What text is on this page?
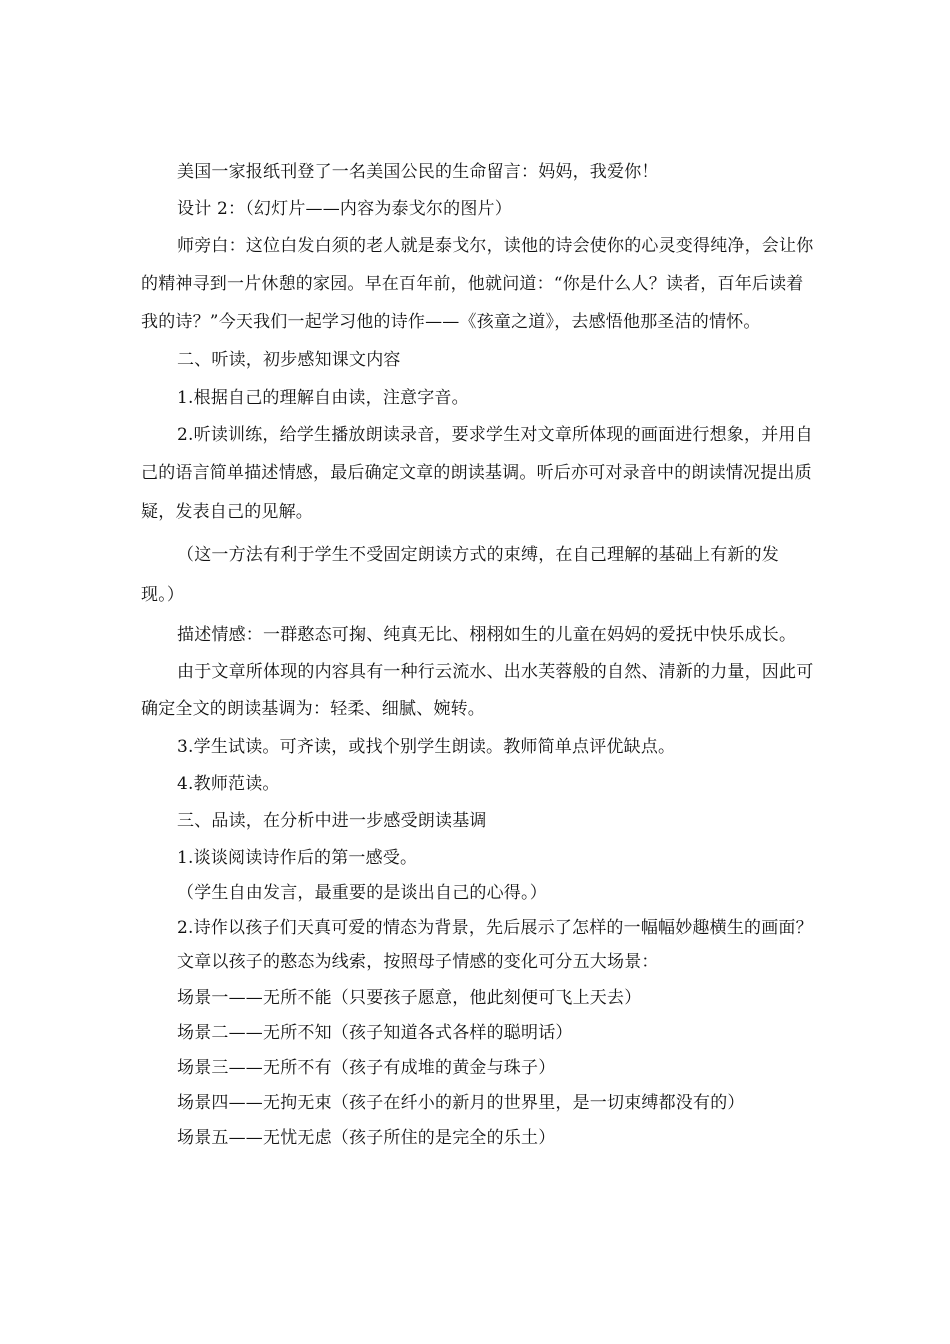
美国一家报纸刊登了一名美国公民的生命留言：妈妈，我爱你！
设计 2：（幻灯片——内容为泰戈尔的图片）
师旁白：这位白发白须的老人就是泰戈尔，读他的诗会使你的心灵变得纯净，会让你
的精神寻到一片休憩的家园。早在百年前，他就问道：“你是什么人？读者，百年后读着
我的诗？”今天我们一起学习他的诗作——《孩童之道》，去感悟他那圣洁的情怀。
二、听读，初步感知课文内容
1.根据自己的理解自由读，注意字音。
2.听读训练，给学生播放朗读录音，要求学生对文章所体现的画面进行想象，并用自
己的语言简单描述情感，最后确定文章的朗读基调。听后亦可对录音中的朗读情况提出质
疑，发表自己的见解。
（这一方法有利于学生不受固定朗读方式的束缚，在自己理解的基础上有新的发
现。）
描述情感：一群憨态可掬、纯真无比、栩栩如生的儿童在妈妈的爱抚中快乐成长。
由于文章所体现的内容具有一种行云流水、出水芙蓉般的自然、清新的力量，因此可
确定全文的朗读基调为：轻柔、细腻、婉转。
3.学生试读。可齐读，或找个别学生朗读。教师简单点评优缺点。
4.教师范读。
三、品读，在分析中进一步感受朗读基调
1.谈谈阅读诗作后的第一感受。
（学生自由发言，最重要的是谈出自己的心得。）
2.诗作以孩子们天真可爱的情态为背景，先后展示了怎样的一幅幅妙趣横生的画面？
文章以孩子的憨态为线索，按照母子情感的变化可分五大场景：
场景一——无所不能（只要孩子愿意，他此刻便可飞上天去）
场景二——无所不知（孩子知道各式各样的聪明话）
场景三——无所不有（孩子有成堆的黄金与珠子）
场景四——无拘无束（孩子在纤小的新月的世界里，是一切束缚都没有的）
场景五——无忧无虑（孩子所住的是完全的乐土）
